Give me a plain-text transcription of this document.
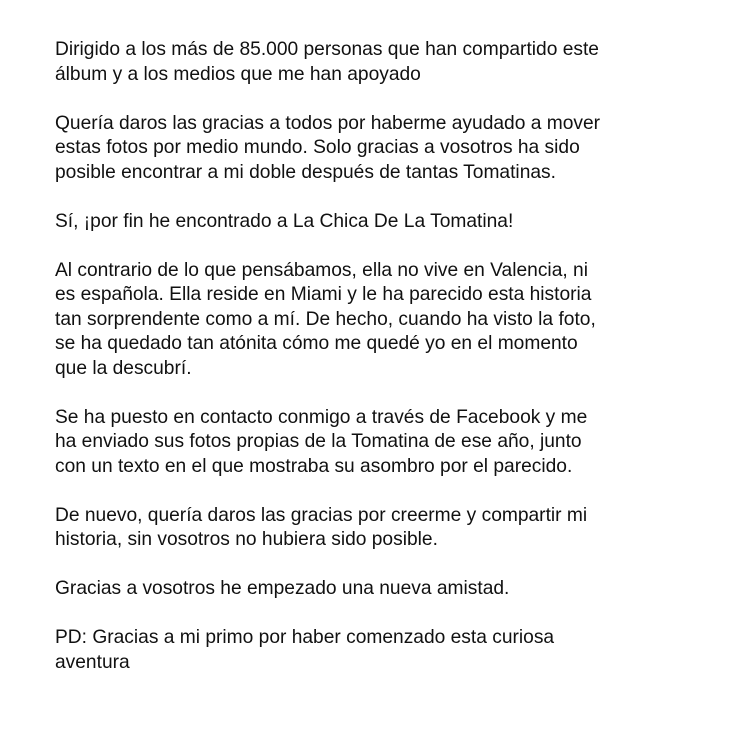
Dirigido a los más de 85.000 personas que han compartido este
álbum y a los medios que me han apoyado

Quería daros las gracias a todos por haberme ayudado a mover
estas fotos por medio mundo. Solo gracias a vosotros ha sido
posible encontrar a mi doble después de tantas Tomatinas.

Sí, ¡por fin he encontrado a La Chica De La Tomatina!

Al contrario de lo que pensábamos, ella no vive en Valencia, ni
es española. Ella reside en Miami y le ha parecido esta historia
tan sorprendente como a mí. De hecho, cuando ha visto la foto,
se ha quedado tan atónita cómo me quedé yo en el momento
que la descubrí.

Se ha puesto en contacto conmigo a través de Facebook y me
ha enviado sus fotos propias de la Tomatina de ese año, junto
con un texto en el que mostraba su asombro por el parecido.

De nuevo, quería daros las gracias por creerme y compartir mi
historia, sin vosotros no hubiera sido posible.

Gracias a vosotros he empezado una nueva amistad.

PD: Gracias a mi primo por haber comenzado esta curiosa
aventura
